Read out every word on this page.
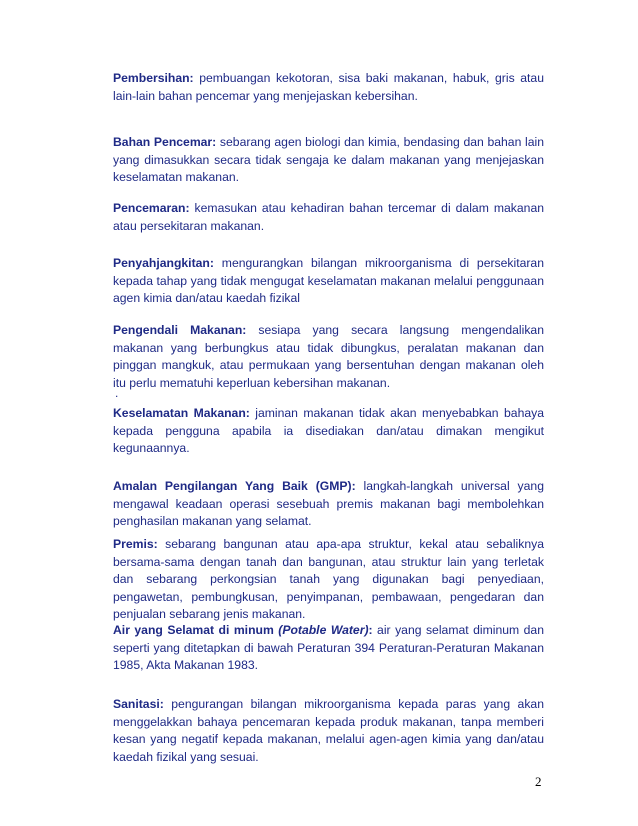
Pembersihan: pembuangan kekotoran, sisa baki makanan, habuk, gris atau lain-lain bahan pencemar yang menjejaskan kebersihan.

Bahan Pencemar: sebarang agen biologi dan kimia, bendasing dan bahan lain yang dimasukkan secara tidak sengaja ke dalam makanan yang menjejaskan keselamatan makanan.

Pencemaran: kemasukan atau kehadiran bahan tercemar di dalam makanan atau persekitaran makanan.

Penyahjangkitan: mengurangkan bilangan mikroorganisma di persekitaran kepada tahap yang tidak mengugat keselamatan makanan melalui penggunaan agen kimia dan/atau kaedah fizikal

Pengendali Makanan: sesiapa yang secara langsung mengendalikan makanan yang berbungkus atau tidak dibungkus, peralatan makanan dan pinggan mangkuk, atau permukaan yang bersentuhan dengan makanan oleh itu perlu mematuhi keperluan kebersihan makanan.

.

Keselamatan Makanan: jaminan makanan tidak akan menyebabkan bahaya kepada pengguna apabila ia disediakan dan/atau dimakan mengikut kegunaannya.

Amalan Pengilangan Yang Baik (GMP): langkah-langkah universal yang mengawal keadaan operasi sesebuah premis makanan bagi membolehkan penghasilan makanan yang selamat.

Premis: sebarang bangunan atau apa-apa struktur, kekal atau sebaliknya bersama-sama dengan tanah dan bangunan, atau struktur lain yang terletak dan sebarang perkongsian tanah yang digunakan bagi penyediaan, pengawetan, pembungkusan, penyimpanan, pembawaan, pengedaran dan penjualan sebarang jenis makanan.

Air yang Selamat di minum (Potable Water): air yang selamat diminum dan seperti yang ditetapkan di bawah Peraturan 394 Peraturan-Peraturan Makanan 1985, Akta Makanan 1983.

Sanitasi: pengurangan bilangan mikroorganisma kepada paras yang akan menggelakkan bahaya pencemaran kepada produk makanan, tanpa memberi kesan yang negatif kepada makanan, melalui agen-agen kimia yang dan/atau kaedah fizikal yang sesuai.

2
